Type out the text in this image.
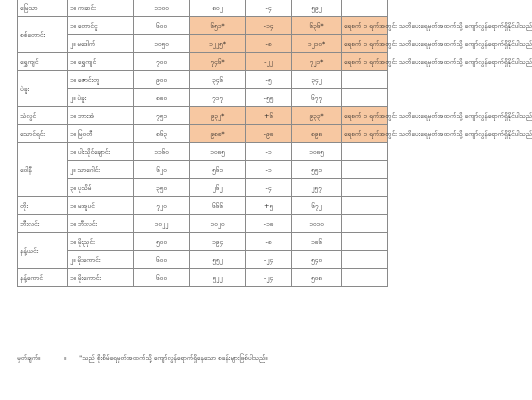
မြေသာ	၁။ ကဆင်း	၁၁၀၀	၈၀၂	-၄	၅၉၂	
စစ်တောင်း	၁။ တောင်ငူ	၆၀၀	၆၅၁*	-၁၄	၆၃၆*	ရေစက် ၁ ရက်အတွင်း သတိပေးရေမှတ်အထက်သို့ ကျော်လွန်ရောက်ရှိနိုင်ပါသည်
	၂။ မဒေါက်	၁၀၅၀	၁၂၂၅*	-၈	၁၂၁၀*	ရေစက် ၁ ရက်အတွင်း သတိပေးရေမှတ်အထက်သို့ ကျော်လွန်ရောက်ရှိနိုင်ပါသည်
ရွှေကျင်	၁။ ရွှေကျင်	၇၀၀	၇၄၆*	-၂၂	၇၂၁*	ရေစက် ၁ ရက်အတွင်း သတိပေးရေမှတ်အထက်သို့ ကျော်လွန်ရောက်ရှိနိုင်ပါသည်
ပဲခူး	၁။ ဇောင်းတူ	၉၀၀	၃၄၆	-၅	၃၄၂	
	၂။ ပဲခူး	၈၈၀	၇၁၇	-၅၅	၆၇၇	
သံလွင်	၁။ ဘားအံ	၇၅၁	၉၃၂*	+၆	၉၃၃*	ရေစက် ၁ ရက်အတွင်း သတိပေးရေမှတ်အထက်သို့ ကျော်လွန်ရောက်ရှိနိုင်ပါသည်
သောင်ရင်း	၁။ မြဝတီ	၈၆၃	၉၈၈*	-၉၈	၈၉၈	ရေစက် ၁ ရက်အတွင်း သတိပေးရေမှတ်အထက်သို့ ကျော်လွန်ရောက်ရှိနိုင်ပါသည်
ဝေါနီ	၁။ ပါးသိုင်ချောင်း	၁၁၆၀	၁၀၈၅	-၁	၁၀၈၅	
	၂။ သာဂေါင်း	၆၂၀	၅၆၁	-၁	၅၅၁	
	၃။ ပုသိမ်	၃၅၀	၂၆၂	-၄	၂၅၇	
တိုး	၁။ မအူပင်	၇၂၀	၆၆၆	+၅	၆၇၂	
ဘီးလင်း	၁။ ဘီးလင်း	၁၀၂၂	၁၀၂၀	-၁၈	၁၀၁၀	
နန့်ယင်း	၁။ မိုးညှင်း	၅၀၀	၁၉၄	-၈	၁၈၆	
	၂။ မိုးကောင်း	၆၀၀	၅၅၂	-၂၄	၅၄၀	
နန့်ကောင်	၁။ မိုးကောင်း	၆၀၀	၅၂၂	-၂၄	၅၀၈	
မှတ်ချက်။	။ "သည် စိုးစိမ်ရေမှတ်အထက်သို့ ကျော်လွန်ရောက်ရှိနေသော စခန်းများဖြစ်ပါသည်။
